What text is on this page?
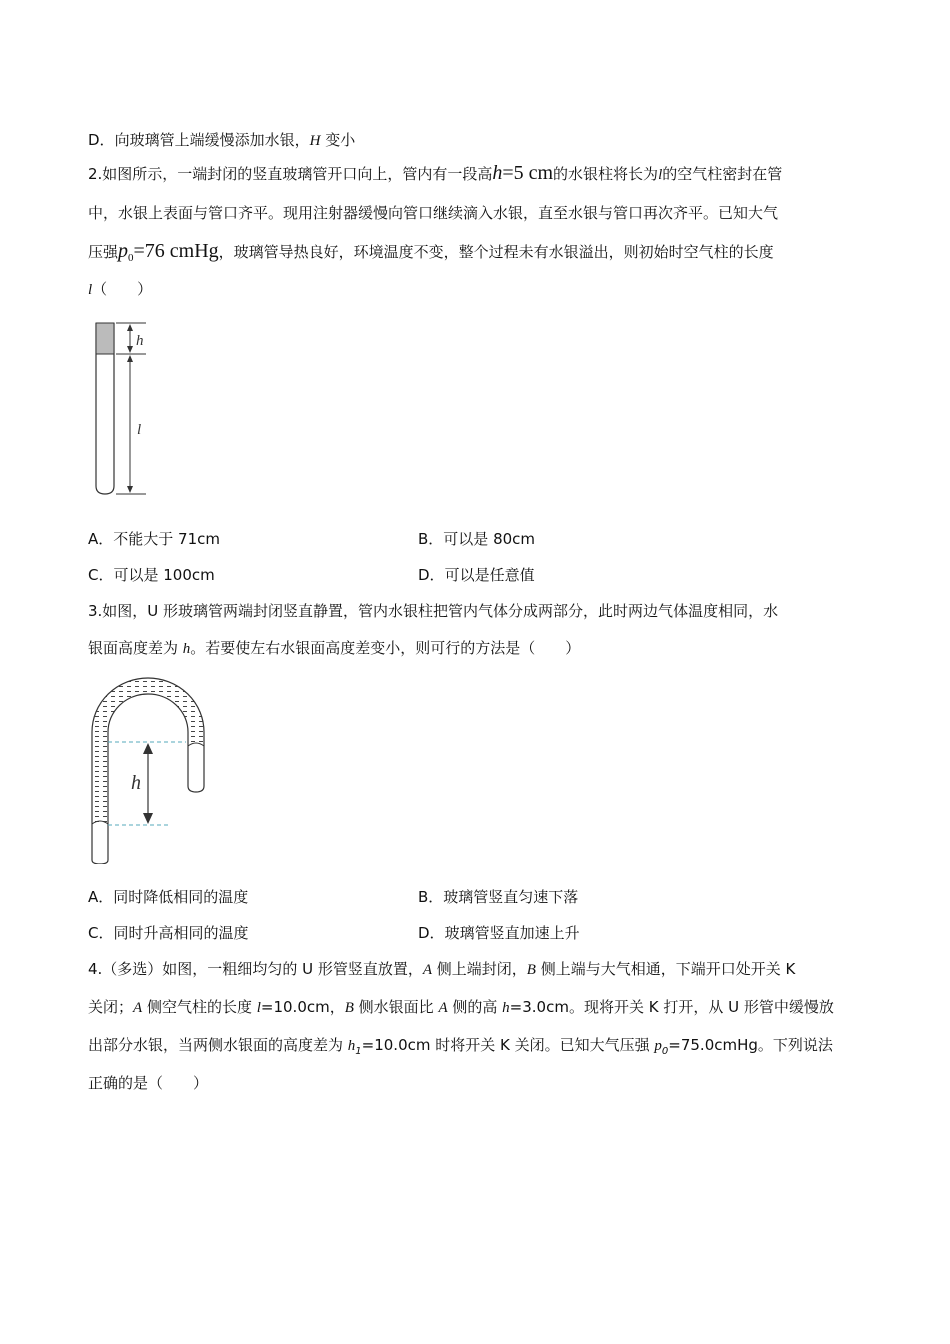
D．向玻璃管上端缓慢添加水银，H 变小
2.如图所示，一端封闭的竖直玻璃管开口向上，管内有一段高h=5 cm的水银柱将长为l的空气柱密封在管
中，水银上表面与管口齐平。现用注射器缓慢向管口继续滴入水银，直至水银与管口再次齐平。已知大气
压强$p_0=76$ cmHg，玻璃管导热良好，环境温度不变，整个过程未有水银溢出，则初始时空气柱的长度
l（　　）
h
l
A．不能大于 71cm	B．可以是 80cm
C．可以是 100cm	D．可以是任意值
3.如图，U 形玻璃管两端封闭竖直静置，管内水银柱把管内气体分成两部分，此时两边气体温度相同，水
银面高度差为 h。若要使左右水银面高度差变小，则可行的方法是（　　）
h
A．同时降低相同的温度	B．玻璃管竖直匀速下落
C．同时升高相同的温度	D．玻璃管竖直加速上升
4.（多选）如图，一粗细均匀的 U 形管竖直放置，A 侧上端封闭，B 侧上端与大气相通，下端开口处开关 K
关闭；A 侧空气柱的长度 l=10.0cm，B 侧水银面比 A 侧的高 h=3.0cm。现将开关 K 打开，从 U 形管中缓慢放
出部分水银，当两侧水银面的高度差为 $h_1=10.0cm$ 时将开关 K 关闭。已知大气压强 $p_0=75.0cmHg$。下列说法
正确的是（　　）
